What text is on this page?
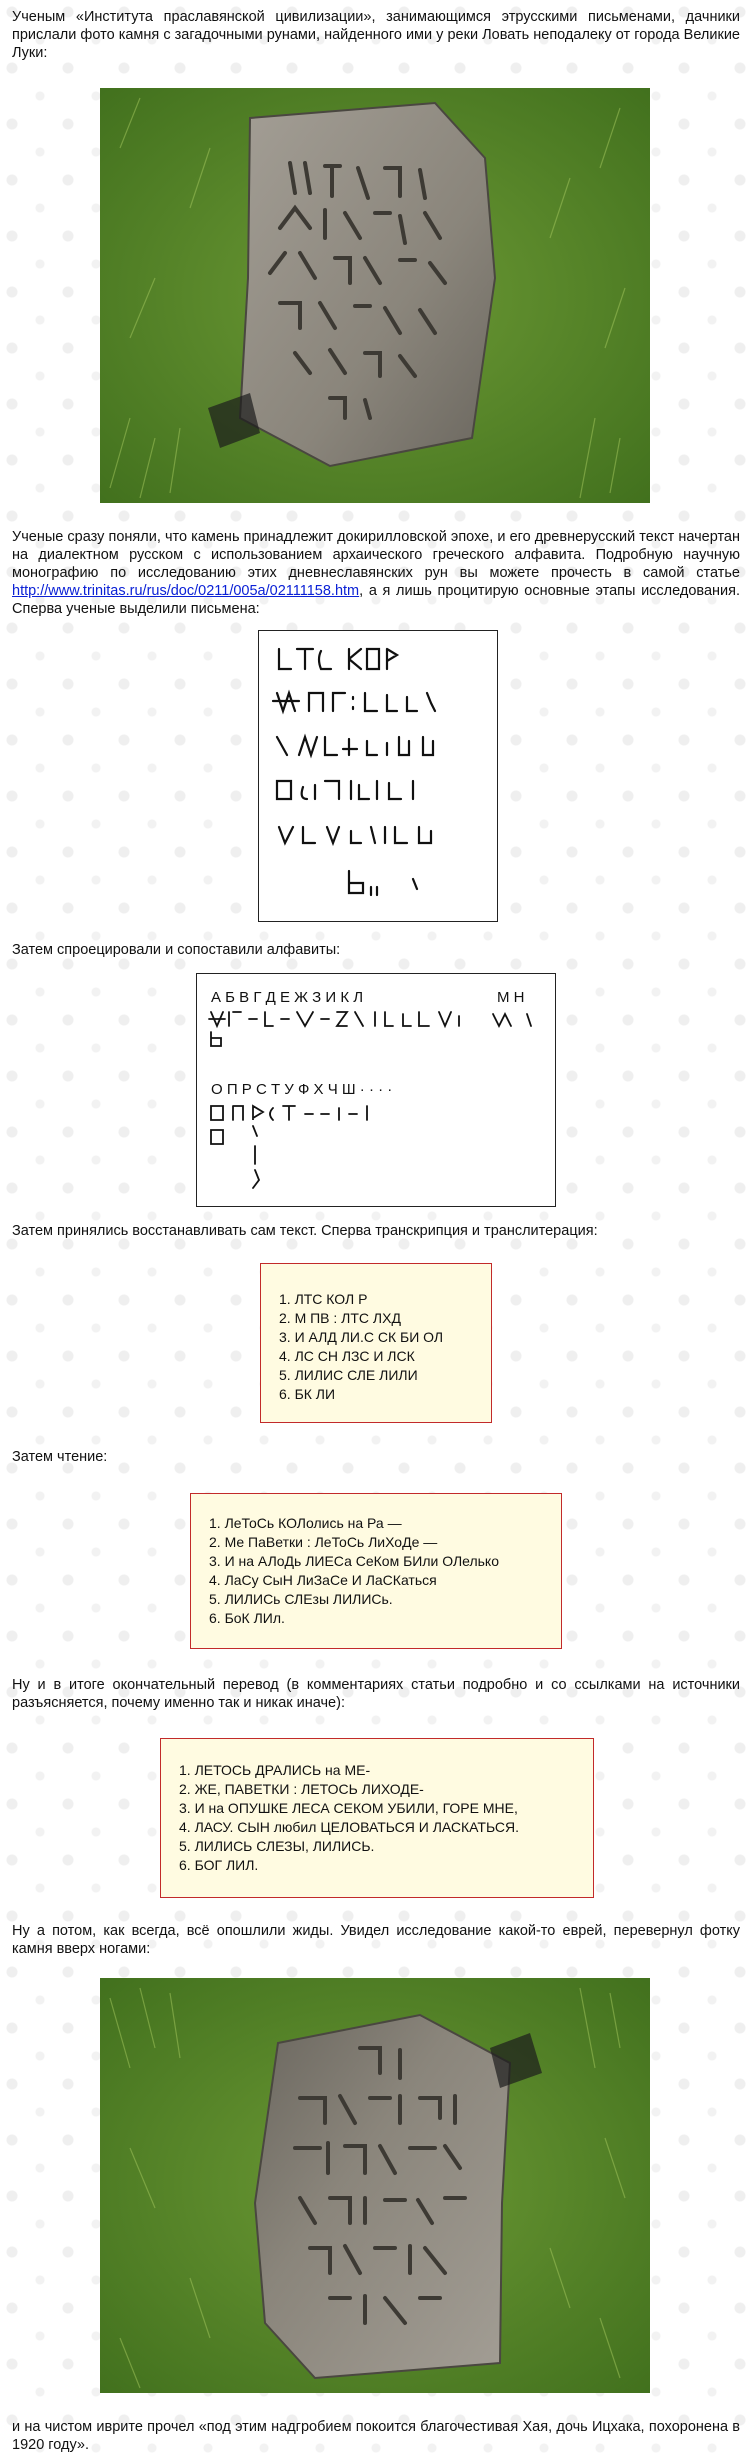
Ученым «Института праславянской цивилизации», занимающимся этрусскими письменами, дачники прислали фото камня с загадочными рунами, найденного ими у реки Ловать неподалеку от города Великие Луки:

Ученые сразу поняли, что камень принадлежит докирилловской эпохе, и его древнерусский текст начертан на диалектном русском с использованием архаического греческого алфавита. Подробную научную монографию по исследованию этих дневнеславянских рун вы можете прочесть в самой статье http://www.trinitas.ru/rus/doc/0211/005a/02111158.htm, а я лишь процитирую основные этапы исследования. Сперва ученые выделили письмена:

Затем спроецировали и сопоставили алфавиты:

А Б В Г Д Е Ж З И К Л	М Н
О П Р С Т У Ф Х Ч Ш · · · ·

Затем принялись восстанавливать сам текст. Сперва транскрипция и транслитерация:

1. ЛТС КОЛ Р
2. М ПВ : ЛТС ЛХД
3. И АЛД ЛИ.С СК БИ ОЛ
4. ЛС СН ЛЗС И ЛСК
5. ЛИЛИС СЛЕ ЛИЛИ
6. БК ЛИ

Затем чтение:

1. ЛеТоСь КОЛолись на Ра —
2. Ме ПаВетки : ЛеТоСь ЛиХоДе —
3. И на АЛоДь ЛИЕСа СеКом БИли ОЛелько
4. ЛаСу СыН ЛиЗаСе И ЛаСКаться
5. ЛИЛИСь СЛЕзы ЛИЛИСь.
6. БоК ЛИл.

Ну и в итоге окончательный перевод (в комментариях статьи подробно и со ссылками на источники разъясняется, почему именно так и никак иначе):

1. ЛЕТОСЬ ДРАЛИСЬ на МЕ-
2. ЖЕ, ПАВЕТКИ : ЛЕТОСЬ ЛИХОДЕ-
3. И на ОПУШКЕ ЛЕСА СЕКОМ УБИЛИ, ГОРЕ МНЕ,
4. ЛАСУ. СЫН любил ЦЕЛОВАТЬСЯ И ЛАСКАТЬСЯ.
5. ЛИЛИСЬ СЛЕЗЫ, ЛИЛИСЬ.
6. БОГ ЛИЛ.

Ну а потом, как всегда, всё опошлили жиды. Увидел исследование какой-то еврей, перевернул фотку камня вверх ногами:

и на чистом иврите прочел «под этим надгробием покоится благочестивая Хая, дочь Ицхака, похоронена в 1920 году».
